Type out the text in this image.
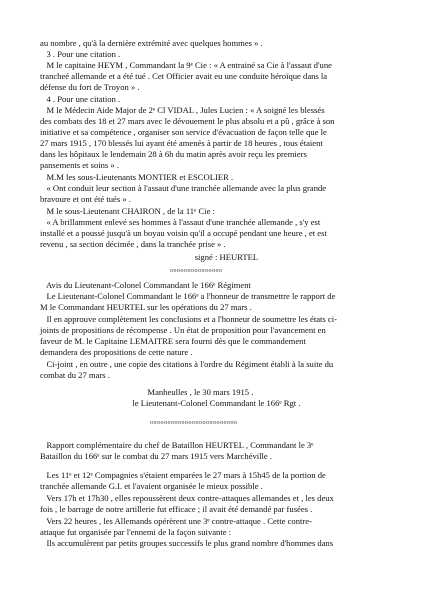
au nombre , qu'à la dernière extrémité avec quelques hommes » .
3 . Pour une citation .
M le capitaine HEYM , Commandant la 9ᵉ Cie : « A entrainé sa Cie à l'assaut d'une
trancheé allemande et a été tué . Cet Officier avait eu une conduite héroïque dans la
défense du fort de Troyon » .
4 . Pour une citation .
M le Médecin Aide Major de 2ᵉ Cl VIDAL , Jules Lucien : « A soigné les blessés
des combats des 18 et 27 mars avec le dévouement le plus absolu et a pû , grâce à son
initiative et sa compétence , organiser son service d'évacuation de façon telle que le
27 mars 1915 , 170 blessés lui ayant été amenés à partir de 18 heures , tous étaient
dans les hôpitaux le lendemain 28 à 6h du matin après avoir reçu les premiers
pansements et soins » .
M.M les sous-Lieutenants MONTIER et ESCOLIER .
« Ont conduit leur section à l'assaut d'une tranchée allemande avec la plus grande
bravoure et ont été tués » .
M le sous-Lieutenant CHAIRON , de la 11ᵉ Cie :
« A brillamment enlevé ses hommes à l'assaut d'une tranchée allemande , s'y est
installé et a poussé jusqu'à un boyau voisin qu'il a occupé pendant une heure , et est
revenu , sa section décimée , dans la tranchée prise » .
signé : HEURTEL
ooooooooooooooo
Avis du Lieutenant-Colonel Commandant le 166ᵉ Régiment
Le Lieutenant-Colonel Commandant le 166ᵉ a l'honneur de transmettre le rapport de
M le Commandant HEURTEL sur les opérations du 27 mars .
Il en approuve complètement les conclusions et a l'honneur de soumettre les états ci-
joints de propositions de récompense . Un état de proposition pour l'avancement en
faveur de M. le Capitaine LEMAITRE sera fourni dès que le commandement
demandera des propositions de cette nature .
Ci-joint , en outre , une copie des citations à l'ordre du Régiment établi à la suite du
combat du 27 mars .
Manheulles , le 30 mars 1915 .
le Lieutenant-Colonel Commandant le 166ᵉ Rgt .
ooooooooooooooooooooooooo
Rapport complémentaire du chef de Bataillon HEURTEL , Commandant le 3ᵉ
Bataillon du 166ᵉ sur le combat du 27 mars 1915 vers Marchéville .
Les 11ᵉ et 12ᵉ Compagnies s'étaient emparées le 27 mars à 15h45 de la portion de
tranchée allemande G.I. et l'avaient organisée le mieux possible .
Vers 17h et 17h30 , elles repoussèrent deux contre-attaques allemandes et , les deux
fois , le barrage de notre artillerie fut efficace ; il avait été demandé par fusées .
Vers 22 heures , les Allemands opérèrent une 3ᵉ contre-attaque . Cette contre-
attaque fut organisée par l'ennemi de la façon suivante :
Ils accumulèrent par petits groupes successifs le plus grand nombre d'hommes dans
